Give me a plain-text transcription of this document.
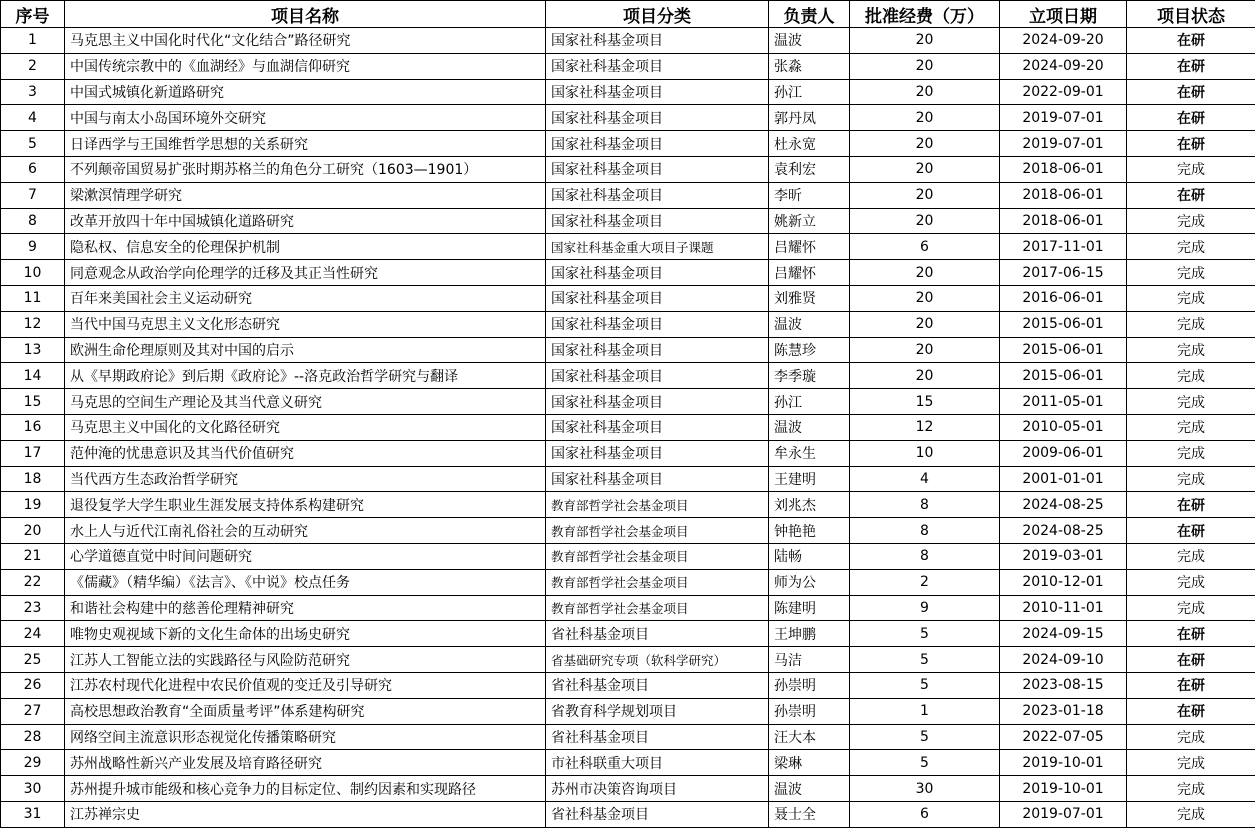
序号	项目名称	项目分类	负责人	批准经费（万）	立项日期	项目状态
1	马克思主义中国化时代化“文化结合”路径研究	国家社科基金项目	温波	20	2024-09-20	在研
2	中国传统宗教中的《血湖经》与血湖信仰研究	国家社科基金项目	张淼	20	2024-09-20	在研
3	中国式城镇化新道路研究	国家社科基金项目	孙江	20	2022-09-01	在研
4	中国与南太小岛国环境外交研究	国家社科基金项目	郭丹凤	20	2019-07-01	在研
5	日译西学与王国维哲学思想的关系研究	国家社科基金项目	杜永宽	20	2019-07-01	在研
6	不列颠帝国贸易扩张时期苏格兰的角色分工研究（1603—1901）	国家社科基金项目	袁利宏	20	2018-06-01	完成
7	梁漱溟情理学研究	国家社科基金项目	李昕	20	2018-06-01	在研
8	改革开放四十年中国城镇化道路研究	国家社科基金项目	姚新立	20	2018-06-01	完成
9	隐私权、信息安全的伦理保护机制	国家社科基金重大项目子课题	吕耀怀	6	2017-11-01	完成
10	同意观念从政治学向伦理学的迁移及其正当性研究	国家社科基金项目	吕耀怀	20	2017-06-15	完成
11	百年来美国社会主义运动研究	国家社科基金项目	刘雅贤	20	2016-06-01	完成
12	当代中国马克思主义文化形态研究	国家社科基金项目	温波	20	2015-06-01	完成
13	欧洲生命伦理原则及其对中国的启示	国家社科基金项目	陈慧珍	20	2015-06-01	完成
14	从《早期政府论》到后期《政府论》--洛克政治哲学研究与翻译	国家社科基金项目	李季璇	20	2015-06-01	完成
15	马克思的空间生产理论及其当代意义研究	国家社科基金项目	孙江	15	2011-05-01	完成
16	马克思主义中国化的文化路径研究	国家社科基金项目	温波	12	2010-05-01	完成
17	范仲淹的忧患意识及其当代价值研究	国家社科基金项目	牟永生	10	2009-06-01	完成
18	当代西方生态政治哲学研究	国家社科基金项目	王建明	4	2001-01-01	完成
19	退役复学大学生职业生涯发展支持体系构建研究	教育部哲学社会基金项目	刘兆杰	8	2024-08-25	在研
20	水上人与近代江南礼俗社会的互动研究	教育部哲学社会基金项目	钟艳艳	8	2024-08-25	在研
21	心学道德直觉中时间问题研究	教育部哲学社会基金项目	陆畅	8	2019-03-01	完成
22	《儒藏》（精华编）《法言》、《中说》校点任务	教育部哲学社会基金项目	师为公	2	2010-12-01	完成
23	和谐社会构建中的慈善伦理精神研究	教育部哲学社会基金项目	陈建明	9	2010-11-01	完成
24	唯物史观视域下新的文化生命体的出场史研究	省社科基金项目	王坤鹏	5	2024-09-15	在研
25	江苏人工智能立法的实践路径与风险防范研究	省基础研究专项（软科学研究）	马洁	5	2024-09-10	在研
26	江苏农村现代化进程中农民价值观的变迁及引导研究	省社科基金项目	孙崇明	5	2023-08-15	在研
27	高校思想政治教育“全面质量考评”体系建构研究	省教育科学规划项目	孙崇明	1	2023-01-18	在研
28	网络空间主流意识形态视觉化传播策略研究	省社科基金项目	汪大本	5	2022-07-05	完成
29	苏州战略性新兴产业发展及培育路径研究	市社科联重大项目	梁琳	5	2019-10-01	完成
30	苏州提升城市能级和核心竞争力的目标定位、制约因素和实现路径	苏州市决策咨询项目	温波	30	2019-10-01	完成
31	江苏禅宗史	省社科基金项目	聂士全	6	2019-07-01	完成
